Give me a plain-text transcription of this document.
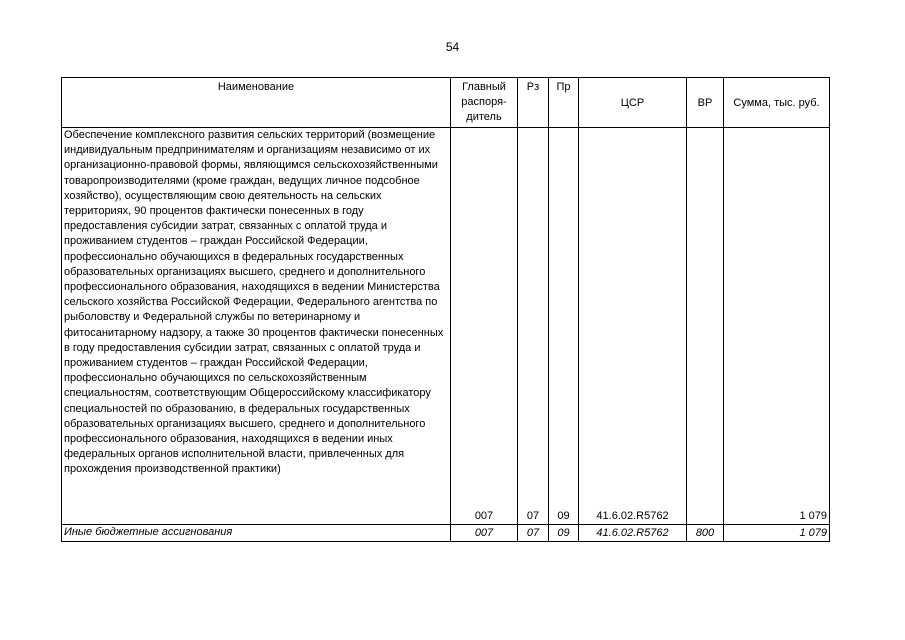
54
Наименование	Главный распоря-дитель	Рз	Пр	ЦСР	ВР	Сумма, тыс. руб.
Обеспечение комплексного развития сельских территорий (возмещение индивидуальным предпринимателям и организациям независимо от их организационно-правовой формы, являющимся сельскохозяйственными товаропроизводителями (кроме граждан, ведущих личное подсобное хозяйство), осуществляющим свою деятельность на сельских территориях, 90 процентов фактически понесенных в году предоставления субсидии затрат, связанных с оплатой труда и проживанием студентов – граждан Российской Федерации, профессионально обучающихся в федеральных государственных образовательных организациях высшего, среднего и дополнительного профессионального образования, находящихся в ведении Министерства сельского хозяйства Российской Федерации, Федерального агентства по рыболовству и Федеральной службы по ветеринарному и фитосанитарному надзору, а также 30 процентов фактически понесенных в году предоставления субсидии затрат, связанных с оплатой труда и проживанием студентов – граждан Российской Федерации, профессионально обучающихся по сельскохозяйственным специальностям, соответствующим Общероссийскому классификатору специальностей по образованию, в федеральных государственных образовательных организациях высшего, среднего и дополнительного профессионального образования, находящихся в ведении иных федеральных органов исполнительной власти, привлеченных для прохождения производственной практики)	007	07	09	41.6.02.R5762		1 079
Иные бюджетные ассигнования	007	07	09	41.6.02.R5762	800	1 079
